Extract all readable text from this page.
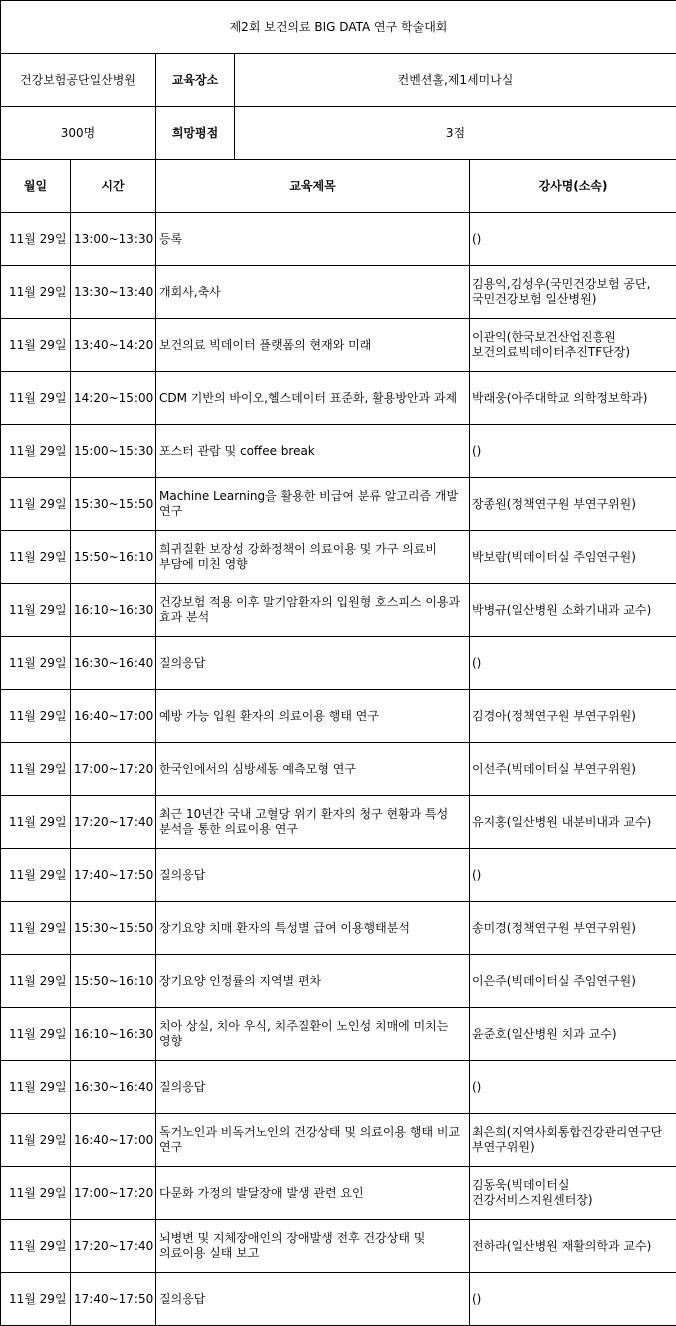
제2회 보건의료 BIG DATA 연구 학술대회		
건강보험공단일산병원	교육장소	컨벤션홀,제1세미나실
300명	희망평점	3점
월일	시간	교육제목	강사명(소속)
11월 29일	13:00~13:30	등록	()
11월 29일	13:30~13:40	개회사,축사	김용익,김성우(국민건강보험 공단, 국민건강보험 일산병원)
11월 29일	13:40~14:20	보건의료 빅데이터 플랫폼의 현재와 미래	이관익(한국보건산업진흥원 보건의료빅데이터추진TF단장)
11월 29일	14:20~15:00	CDM 기반의 바이오,헬스데이터 표준화, 활용방안과 과제	박래웅(아주대학교 의학정보학과)
11월 29일	15:00~15:30	포스터 관람 및 coffee break	()
11월 29일	15:30~15:50	Machine Learning을 활용한 비급여 분류 알고리즘 개발 연구	장종원(정책연구원 부연구위원)
11월 29일	15:50~16:10	희귀질환 보장성 강화정책이 의료이용 및 가구 의료비 부담에 미친 영향	박보람(빅데이터실 주임연구원)
11월 29일	16:10~16:30	건강보험 적용 이후 말기암환자의 입원형 호스피스 이용과 효과 분석	박병규(일산병원 소화기내과 교수)
11월 29일	16:30~16:40	질의응답	()
11월 29일	16:40~17:00	예방 가능 입원 환자의 의료이용 행태 연구	김경아(정책연구원 부연구위원)
11월 29일	17:00~17:20	한국인에서의 심방세동 예측모형 연구	이선주(빅데이터실 부연구위원)
11월 29일	17:20~17:40	최근 10년간 국내 고혈당 위기 환자의 청구 현황과 특성 분석을 통한 의료이용 연구	유지홍(일산병원 내분비내과 교수)
11월 29일	17:40~17:50	질의응답	()
11월 29일	15:30~15:50	장기요양 치매 환자의 특성별 급여 이용행태분석	송미경(정책연구원 부연구위원)
11월 29일	15:50~16:10	장기요양 인정률의 지역별 편차	이은주(빅데이터실 주임연구원)
11월 29일	16:10~16:30	치아 상실, 치아 우식, 치주질환이 노인성 치매에 미치는 영향	윤준호(일산병원 치과 교수)
11월 29일	16:30~16:40	질의응답	()
11월 29일	16:40~17:00	독거노인과 비독거노인의 건강상태 및 의료이용 행태 비교 연구	최은희(지역사회통합건강관리연구단 부연구위원)
11월 29일	17:00~17:20	다문화 가정의 발달장애 발생 관련 요인	김동욱(빅데이터실 건강서비스지원센터장)
11월 29일	17:20~17:40	뇌병변 및 지체장애인의 장애발생 전후 건강상태 및 의료이용 실태 보고	전하라(일산병원 재활의학과 교수)
11월 29일	17:40~17:50	질의응답	()
